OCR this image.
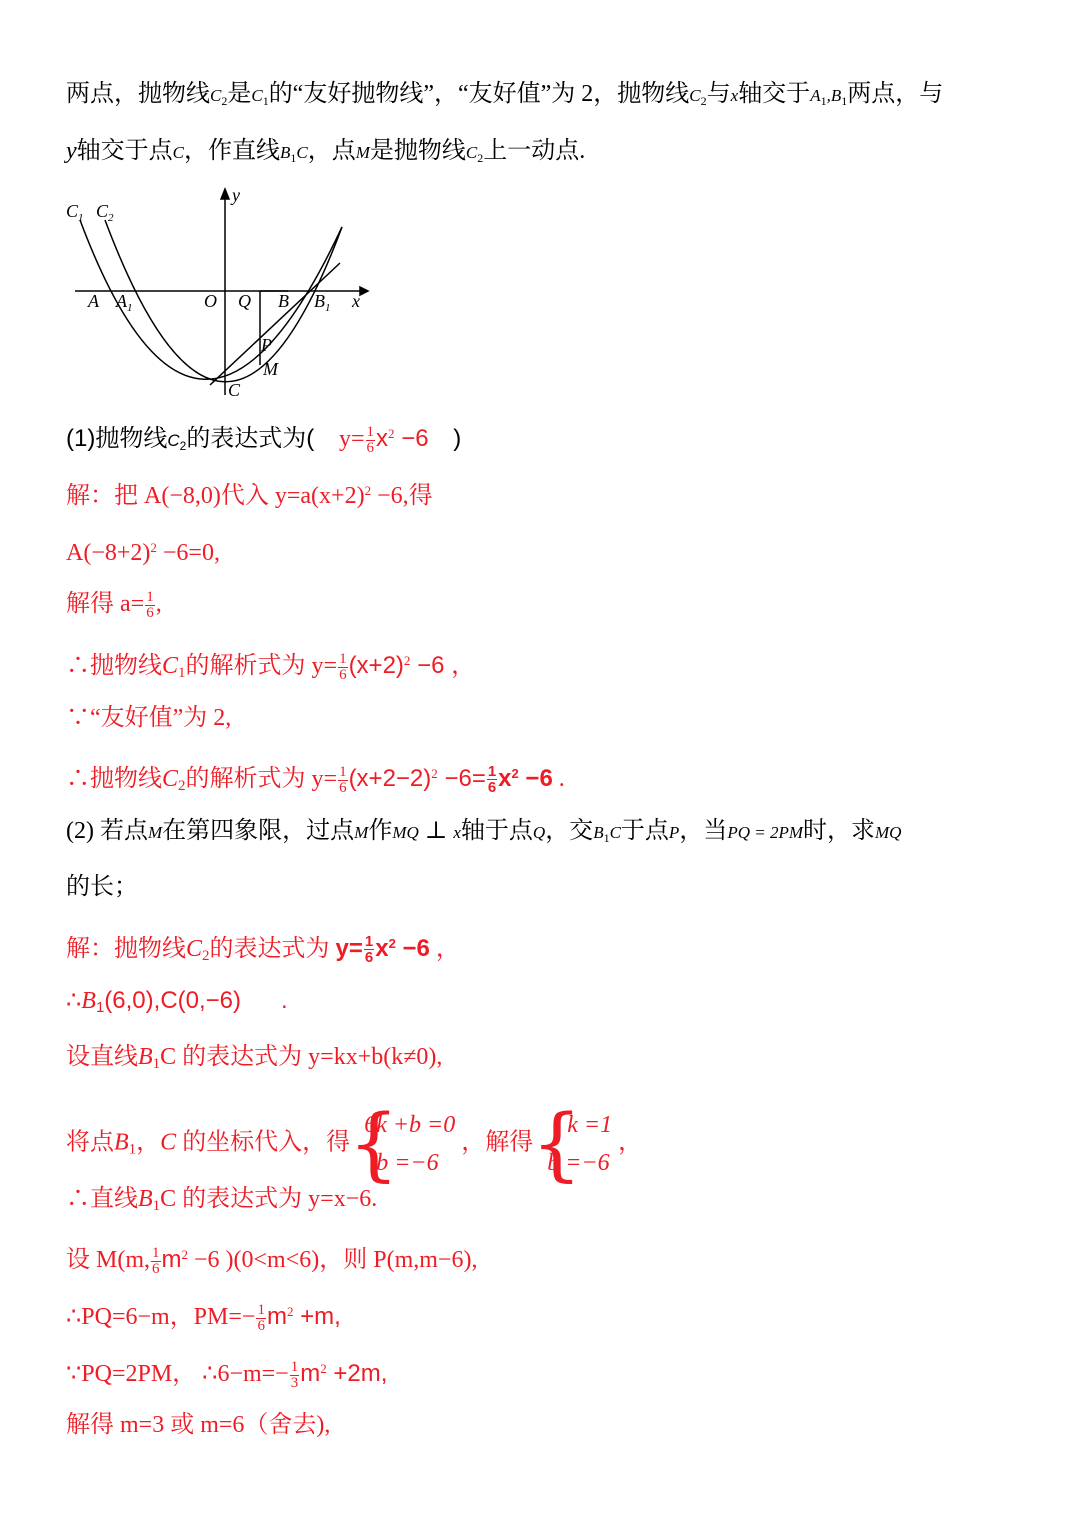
两点，抛物线$C_2$是$C_1$的“友好抛物线”，“友好值”为 2，抛物线$C_2$与x轴交于$A_1,B_1$两点，与
y轴交于点C，作直线$B_1C$，点M是抛物线$C_2$上一动点.
$C_1$ $C_2$
y
x
A $A_1$	O Q B $B_1$
P
M
C
(1)抛物线$C_2$的表达式为( $y= \frac{1}{6} x^2 -6$ )
解：把 A(−8,0)代入 $y=a(x+2)^2 -6$,得
$A(-8+2)^2 -6=0$,
解得 $a= \frac{1}{6}$ ,
∴抛物线$C_1$的解析式为 $y= \frac{1}{6} (x+2)^2 -6$ ，
∵“友好值”为 2,
∴抛物线$C_2$的解析式为 $y= \frac{1}{6} (x+2-2)^2 -6= \frac{1}{6} x^2 -6$ .
(2) 若点M在第四象限，过点M作MQ ⊥ x轴于点Q，交$B_1C$于点P，当PQ = 2PM时，求MQ
的长；
解：抛物线$C_2$的表达式为 $y= \frac{1}{6} x^2 -6$ ，
$\therefore B_1(6,0),C(0,-6)$      .
设直线$B_1C$ 的表达式为 y=kx+b(k≠0),
将点$B_1$，C 的坐标代入，得
{ 6k +b =0
b =−6
，解得
{ k =1
b =−6
，
∴直线$B_1C$ 的表达式为 y=x−6.
设 M(m, $\frac{1}{6} m^2 -6$ )(0<m<6)，则 P(m,m−6),
∴PQ=6−m，$PM=- \frac{1}{6} m^2 +m$,
∵PQ=2PM， ∴6−m=− $\frac{1}{3} m^2 +2m$,
解得 m=3 或 m=6（舍去),
